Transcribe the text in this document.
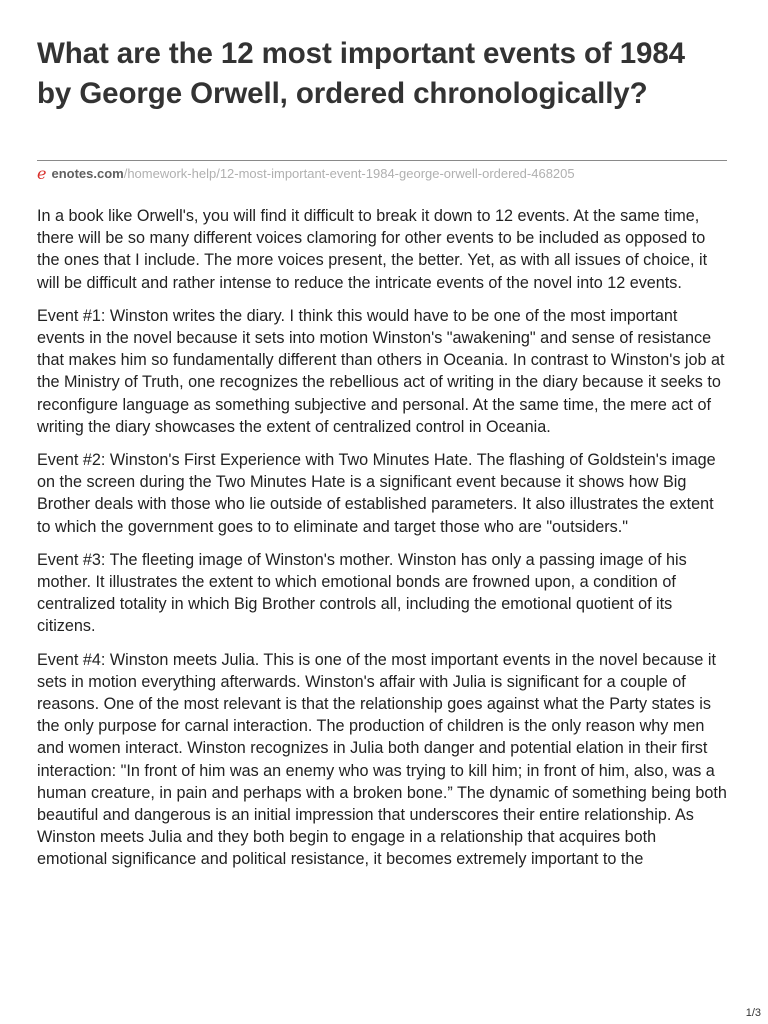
What are the 12 most important events of 1984 by George Orwell, ordered chronologically?
e enotes.com/homework-help/12-most-important-event-1984-george-orwell-ordered-468205

In a book like Orwell's, you will find it difficult to break it down to 12 events. At the same time, there will be so many different voices clamoring for other events to be included as opposed to the ones that I include. The more voices present, the better. Yet, as with all issues of choice, it will be difficult and rather intense to reduce the intricate events of the novel into 12 events.

Event #1: Winston writes the diary. I think this would have to be one of the most important events in the novel because it sets into motion Winston's "awakening" and sense of resistance that makes him so fundamentally different than others in Oceania. In contrast to Winston's job at the Ministry of Truth, one recognizes the rebellious act of writing in the diary because it seeks to reconfigure language as something subjective and personal. At the same time, the mere act of writing the diary showcases the extent of centralized control in Oceania.

Event #2: Winston's First Experience with Two Minutes Hate. The flashing of Goldstein's image on the screen during the Two Minutes Hate is a significant event because it shows how Big Brother deals with those who lie outside of established parameters. It also illustrates the extent to which the government goes to to eliminate and target those who are "outsiders."

Event #3: The fleeting image of Winston's mother. Winston has only a passing image of his mother. It illustrates the extent to which emotional bonds are frowned upon, a condition of centralized totality in which Big Brother controls all, including the emotional quotient of its citizens.

Event #4: Winston meets Julia. This is one of the most important events in the novel because it sets in motion everything afterwards. Winston's affair with Julia is significant for a couple of reasons. One of the most relevant is that the relationship goes against what the Party states is the only purpose for carnal interaction. The production of children is the only reason why men and women interact. Winston recognizes in Julia both danger and potential elation in their first interaction: "In front of him was an enemy who was trying to kill him; in front of him, also, was a human creature, in pain and perhaps with a broken bone.” The dynamic of something being both beautiful and dangerous is an initial impression that underscores their entire relationship. As Winston meets Julia and they both begin to engage in a relationship that acquires both emotional significance and political resistance, it becomes extremely important to the

1/3
